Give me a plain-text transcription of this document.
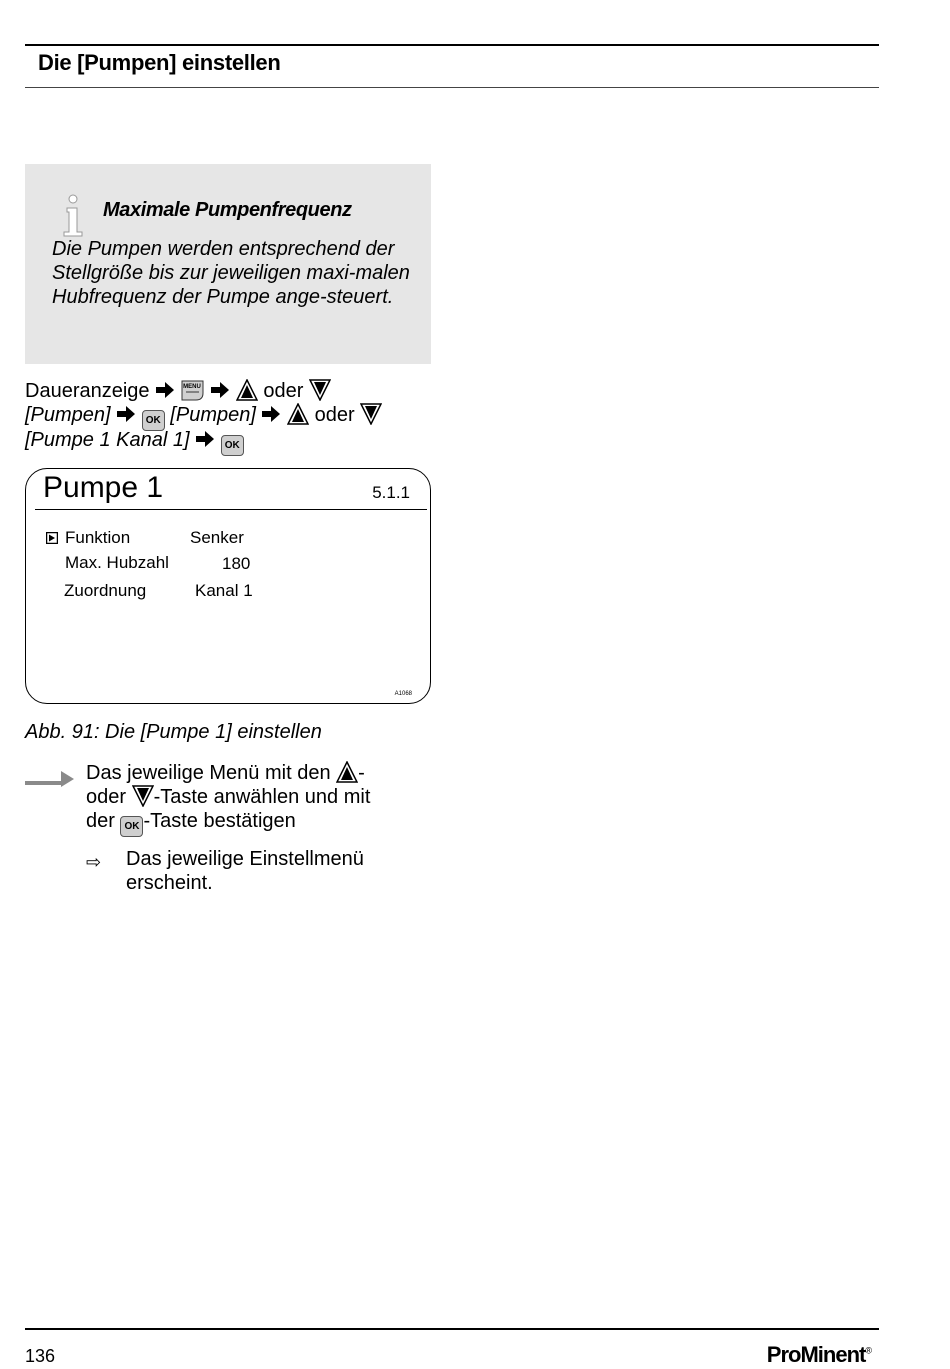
Die [Pumpen] einstellen
Maximale Pumpenfrequenz
Die Pumpen werden entsprechend der Stellgröße bis zur jeweiligen maxi-malen Hubfrequenz der Pumpe ange-steuert.
Daueranzeige	MENU	oder
[Pumpen]	OK [Pumpen]	oder
[Pumpe 1 Kanal 1]	OK
Pumpe 1	5.1.1
Funktion	Senker
Max. Hubzahl	180
Zuordnung	Kanal 1
A1068
Abb. 91: Die [Pumpe 1] einstellen
Das jeweilige Menü mit den -
oder -Taste anwählen und mit
der OK -Taste bestätigen
⇨ Das jeweilige Einstellmenü erscheint.
136	ProMinent®
